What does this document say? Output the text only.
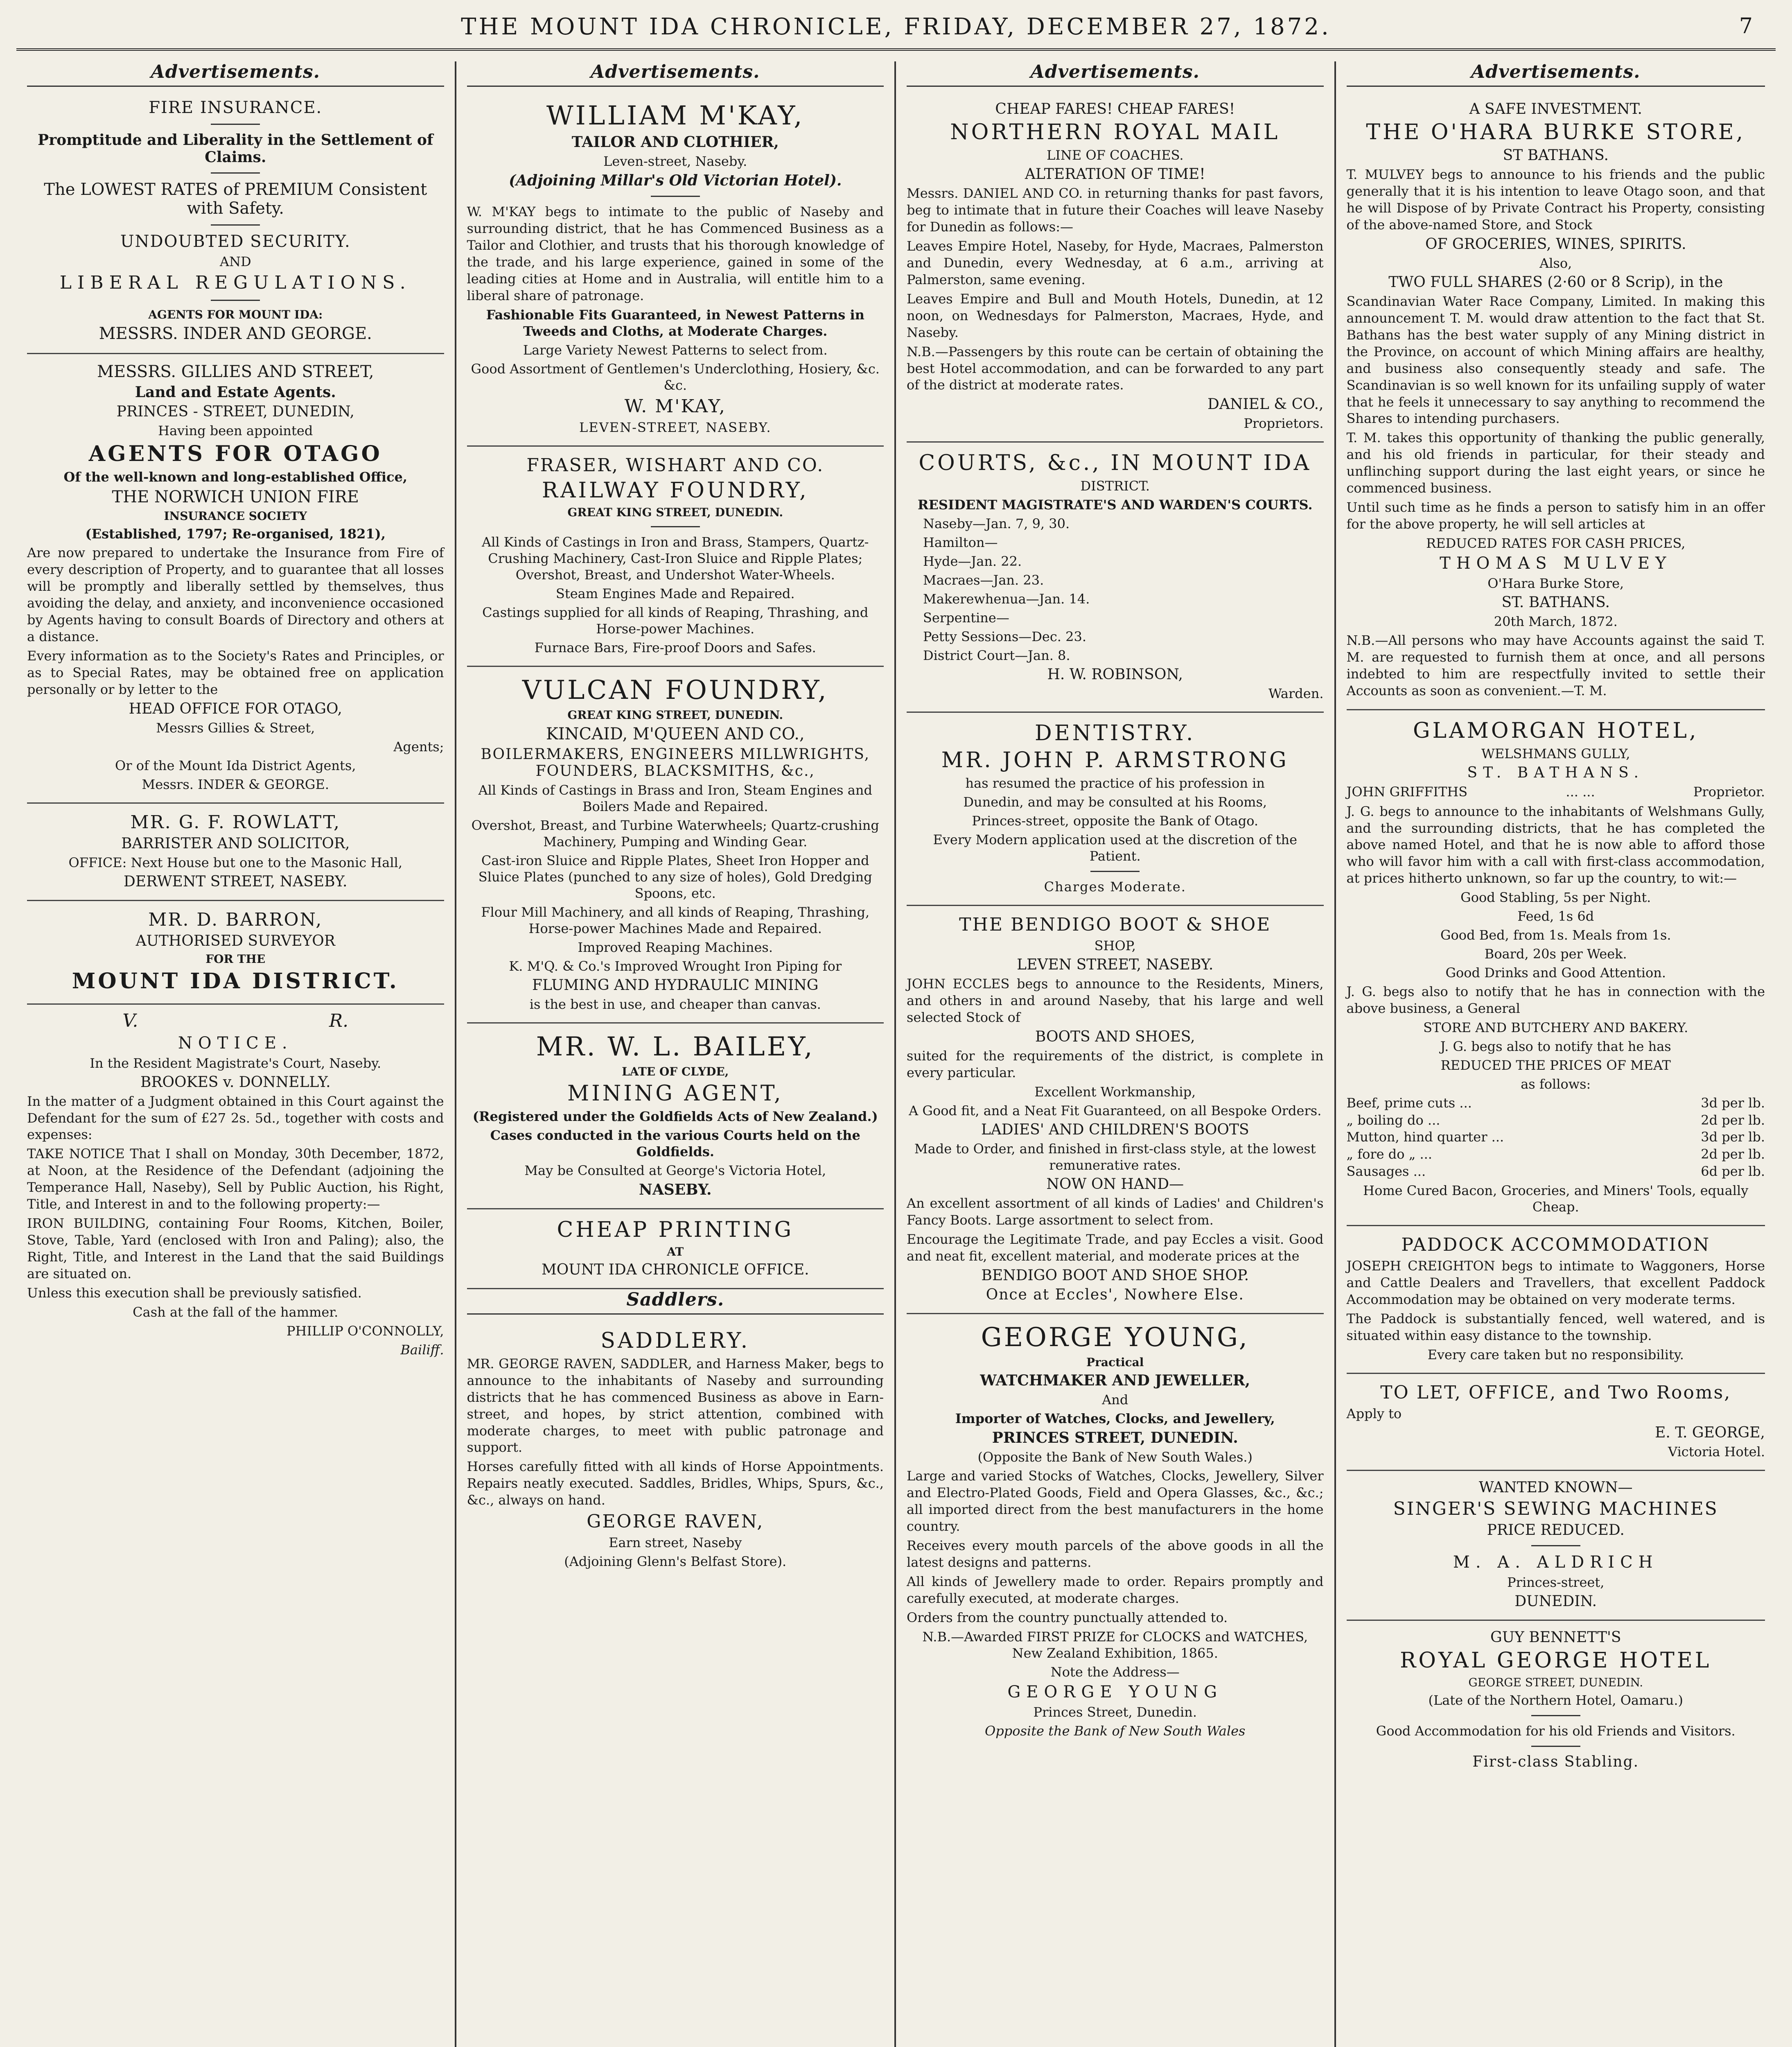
THE MOUNT IDA CHRONICLE, FRIDAY, DECEMBER 27, 1872.	7
Advertisements.
FIRE INSURANCE.

Promptitude and Liberality in the Settlement of Claims.

The LOWEST RATES of PREMIUM Consistent with Safety.

UNDOUBTED SECURITY.

AND

LIBERAL REGULATIONS.

AGENTS FOR MOUNT IDA:

MESSRS. INDER AND GEORGE.

MESSRS. GILLIES AND STREET,

Land and Estate Agents.

PRINCES - STREET, DUNEDIN,

Having been appointed

AGENTS FOR OTAGO

Of the well-known and long-established Office,

THE NORWICH UNION FIRE

INSURANCE SOCIETY

(Established, 1797; Re-organised, 1821),

Are now prepared to undertake the Insurance from Fire of every description of Property, and to guarantee that all losses will be promptly and liberally settled by themselves, thus avoiding the delay, and anxiety, and inconvenience occasioned by Agents having to consult Boards of Directory and others at a distance.

Every information as to the Society's Rates and Principles, or as to Special Rates, may be obtained free on application personally or by letter to the

HEAD OFFICE FOR OTAGO,

Messrs Gillies & Street,

Agents;

Or of the Mount Ida District Agents,

Messrs. INDER & GEORGE.

MR. G. F. ROWLATT,

BARRISTER AND SOLICITOR,

OFFICE: Next House but one to the Masonic Hall,

DERWENT STREET, NASEBY.

MR. D. BARRON,

AUTHORISED SURVEYOR

FOR THE

MOUNT IDA DISTRICT.

V.	R.

NOTICE.

In the Resident Magistrate's Court, Naseby.

BROOKES v. DONNELLY.

In the matter of a Judgment obtained in this Court against the Defendant for the sum of £27 2s. 5d., together with costs and expenses:

TAKE NOTICE That I shall on Monday, 30th December, 1872, at Noon, at the Residence of the Defendant (adjoining the Temperance Hall, Naseby), Sell by Public Auction, his Right, Title, and Interest in and to the following property:—

IRON BUILDING, containing Four Rooms, Kitchen, Boiler, Stove, Table, Yard (enclosed with Iron and Paling); also, the Right, Title, and Interest in the Land that the said Buildings are situated on.

Unless this execution shall be previously satisfied.

Cash at the fall of the hammer.

PHILLIP O'CONNOLLY,

Bailiff.

Advertisements.

WILLIAM M'KAY,

TAILOR AND CLOTHIER,

Leven-street, Naseby.

(Adjoining Millar's Old Victorian Hotel).

W. M'KAY begs to intimate to the public of Naseby and surrounding district, that he has Commenced Business as a Tailor and Clothier, and trusts that his thorough knowledge of the trade, and his large experience, gained in some of the leading cities at Home and in Australia, will entitle him to a liberal share of patronage.

Fashionable Fits Guaranteed, in Newest Patterns in Tweeds and Cloths, at Moderate Charges.

Large Variety Newest Patterns to select from.

Good Assortment of Gentlemen's Underclothing, Hosiery, &c. &c.

W. M'KAY,

LEVEN-STREET, NASEBY.

FRASER, WISHART AND CO.

RAILWAY FOUNDRY,

GREAT KING STREET, DUNEDIN.

All Kinds of Castings in Iron and Brass, Stampers, Quartz-Crushing Machinery, Cast-Iron Sluice and Ripple Plates; Overshot, Breast, and Undershot Water-Wheels.

Steam Engines Made and Repaired.

Castings supplied for all kinds of Reaping, Thrashing, and Horse-power Machines.

Furnace Bars, Fire-proof Doors and Safes.

VULCAN FOUNDRY,

GREAT KING STREET, DUNEDIN.

KINCAID, M'QUEEN AND CO.,

BOILERMAKERS, ENGINEERS MILLWRIGHTS, FOUNDERS, BLACKSMITHS, &c.,

All Kinds of Castings in Brass and Iron, Steam Engines and Boilers Made and Repaired.

Overshot, Breast, and Turbine Waterwheels; Quartz-crushing Machinery, Pumping and Winding Gear.

Cast-iron Sluice and Ripple Plates, Sheet Iron Hopper and Sluice Plates (punched to any size of holes), Gold Dredging Spoons, etc.

Flour Mill Machinery, and all kinds of Reaping, Thrashing, Horse-power Machines Made and Repaired.

Improved Reaping Machines.

K. M'Q. & Co.'s Improved Wrought Iron Piping for

FLUMING AND HYDRAULIC MINING

is the best in use, and cheaper than canvas.

MR. W. L. BAILEY,

LATE OF CLYDE,

MINING AGENT,

(Registered under the Goldfields Acts of New Zealand.)

Cases conducted in the various Courts held on the Goldfields.

May be Consulted at George's Victoria Hotel,

NASEBY.

CHEAP PRINTING

AT

MOUNT IDA CHRONICLE OFFICE.

Saddlers.

SADDLERY.

MR. GEORGE RAVEN, SADDLER, and Harness Maker, begs to announce to the inhabitants of Naseby and surrounding districts that he has commenced Business as above in Earn-street, and hopes, by strict attention, combined with moderate charges, to meet with public patronage and support.

Horses carefully fitted with all kinds of Horse Appointments. Repairs neatly executed. Saddles, Bridles, Whips, Spurs, &c., &c., always on hand.

GEORGE RAVEN,

Earn street, Naseby

(Adjoining Glenn's Belfast Store).

Advertisements.

CHEAP FARES! CHEAP FARES!

NORTHERN ROYAL MAIL

LINE OF COACHES.

ALTERATION OF TIME!

Messrs. DANIEL AND CO. in returning thanks for past favors, beg to intimate that in future their Coaches will leave Naseby for Dunedin as follows:—

Leaves Empire Hotel, Naseby, for Hyde, Macraes, Palmerston and Dunedin, every Wednesday, at 6 a.m., arriving at Palmerston, same evening.

Leaves Empire and Bull and Mouth Hotels, Dunedin, at 12 noon, on Wednesdays for Palmerston, Macraes, Hyde, and Naseby.

N.B.—Passengers by this route can be certain of obtaining the best Hotel accommodation, and can be forwarded to any part of the district at moderate rates.

DANIEL & CO.,

Proprietors.

COURTS, &c., IN MOUNT IDA

DISTRICT.

RESIDENT MAGISTRATE'S AND WARDEN'S COURTS.

Naseby—Jan. 7, 9, 30.

Hamilton—

Hyde—Jan. 22.

Macraes—Jan. 23.

Makerewhenua—Jan. 14.

Serpentine—

Petty Sessions—Dec. 23.

District Court—Jan. 8.

H. W. ROBINSON,

Warden.

DENTISTRY.

MR. JOHN P. ARMSTRONG

has resumed the practice of his profession in

Dunedin, and may be consulted at his Rooms,

Princes-street, opposite the Bank of Otago.

Every Modern application used at the discretion of the Patient.

Charges Moderate.

THE BENDIGO BOOT & SHOE

SHOP,

LEVEN STREET, NASEBY.

JOHN ECCLES begs to announce to the Residents, Miners, and others in and around Naseby, that his large and well selected Stock of

BOOTS AND SHOES,

suited for the requirements of the district, is complete in every particular.

Excellent Workmanship,

A Good fit, and a Neat Fit Guaranteed, on all Bespoke Orders.

LADIES' AND CHILDREN'S BOOTS

Made to Order, and finished in first-class style, at the lowest remunerative rates.

NOW ON HAND—

An excellent assortment of all kinds of Ladies' and Children's Fancy Boots. Large assortment to select from.

Encourage the Legitimate Trade, and pay Eccles a visit. Good and neat fit, excellent material, and moderate prices at the

BENDIGO BOOT AND SHOE SHOP.

Once at Eccles', Nowhere Else.

GEORGE YOUNG,

Practical

WATCHMAKER AND JEWELLER,

And

Importer of Watches, Clocks, and Jewellery,

PRINCES STREET, DUNEDIN.

(Opposite the Bank of New South Wales.)

Large and varied Stocks of Watches, Clocks, Jewellery, Silver and Electro-Plated Goods, Field and Opera Glasses, &c., &c.; all imported direct from the best manufacturers in the home country.

Receives every mouth parcels of the above goods in all the latest designs and patterns.

All kinds of Jewellery made to order. Repairs promptly and carefully executed, at moderate charges.

Orders from the country punctually attended to.

N.B.—Awarded FIRST PRIZE for CLOCKS and WATCHES, New Zealand Exhibition, 1865.

Note the Address—

GEORGE YOUNG

Princes Street, Dunedin.

Opposite the Bank of New South Wales

Advertisements.

A SAFE INVESTMENT.

THE O'HARA BURKE STORE,

ST BATHANS.

T. MULVEY begs to announce to his friends and the public generally that it is his intention to leave Otago soon, and that he will Dispose of by Private Contract his Property, consisting of the above-named Store, and Stock

OF GROCERIES, WINES, SPIRITS.

Also,

TWO FULL SHARES (2·60 or 8 Scrip), in the

Scandinavian Water Race Company, Limited. In making this announcement T. M. would draw attention to the fact that St. Bathans has the best water supply of any Mining district in the Province, on account of which Mining affairs are healthy, and business also consequently steady and safe. The Scandinavian is so well known for its unfailing supply of water that he feels it unnecessary to say anything to recommend the Shares to intending purchasers.

T. M. takes this opportunity of thanking the public generally, and his old friends in particular, for their steady and unflinching support during the last eight years, or since he commenced business.

Until such time as he finds a person to satisfy him in an offer for the above property, he will sell articles at

REDUCED RATES FOR CASH PRICES,

THOMAS MULVEY

O'Hara Burke Store,

ST. BATHANS.

20th March, 1872.

N.B.—All persons who may have Accounts against the said T. M. are requested to furnish them at once, and all persons indebted to him are respectfully invited to settle their Accounts as soon as convenient.—T. M.

GLAMORGAN HOTEL,

WELSHMANS GULLY,

ST. BATHANS.

JOHN GRIFFITHS	... ...	Proprietor.

J. G. begs to announce to the inhabitants of Welshmans Gully, and the surrounding districts, that he has completed the above named Hotel, and that he is now able to afford those who will favor him with a call with first-class accommodation, at prices hitherto unknown, so far up the country, to wit:—

Good Stabling, 5s per Night.

Feed, 1s 6d

Good Bed, from 1s. Meals from 1s.

Board, 20s per Week.

Good Drinks and Good Attention.

J. G. begs also to notify that he has in connection with the above business, a General

STORE AND BUTCHERY AND BAKERY.

J. G. begs also to notify that he has

REDUCED THE PRICES OF MEAT

as follows:

Beef, prime cuts ...	3d per lb.
„ boiling do ...	2d per lb.
Mutton, hind quarter ...	3d per lb.
„ fore do „ ...	2d per lb.
Sausages ...	6d per lb.

Home Cured Bacon, Groceries, and Miners' Tools, equally Cheap.

PADDOCK ACCOMMODATION

JOSEPH CREIGHTON begs to intimate to Waggoners, Horse and Cattle Dealers and Travellers, that excellent Paddock Accommodation may be obtained on very moderate terms.

The Paddock is substantially fenced, well watered, and is situated within easy distance to the township.

Every care taken but no responsibility.

TO LET, OFFICE, and Two Rooms,

Apply to

E. T. GEORGE,

Victoria Hotel.

WANTED KNOWN—

SINGER'S SEWING MACHINES

PRICE REDUCED.

M. A. ALDRICH

Princes-street,

DUNEDIN.

GUY BENNETT'S

ROYAL GEORGE HOTEL

GEORGE STREET, DUNEDIN.

(Late of the Northern Hotel, Oamaru.)

Good Accommodation for his old Friends and Visitors.

First-class Stabling.
